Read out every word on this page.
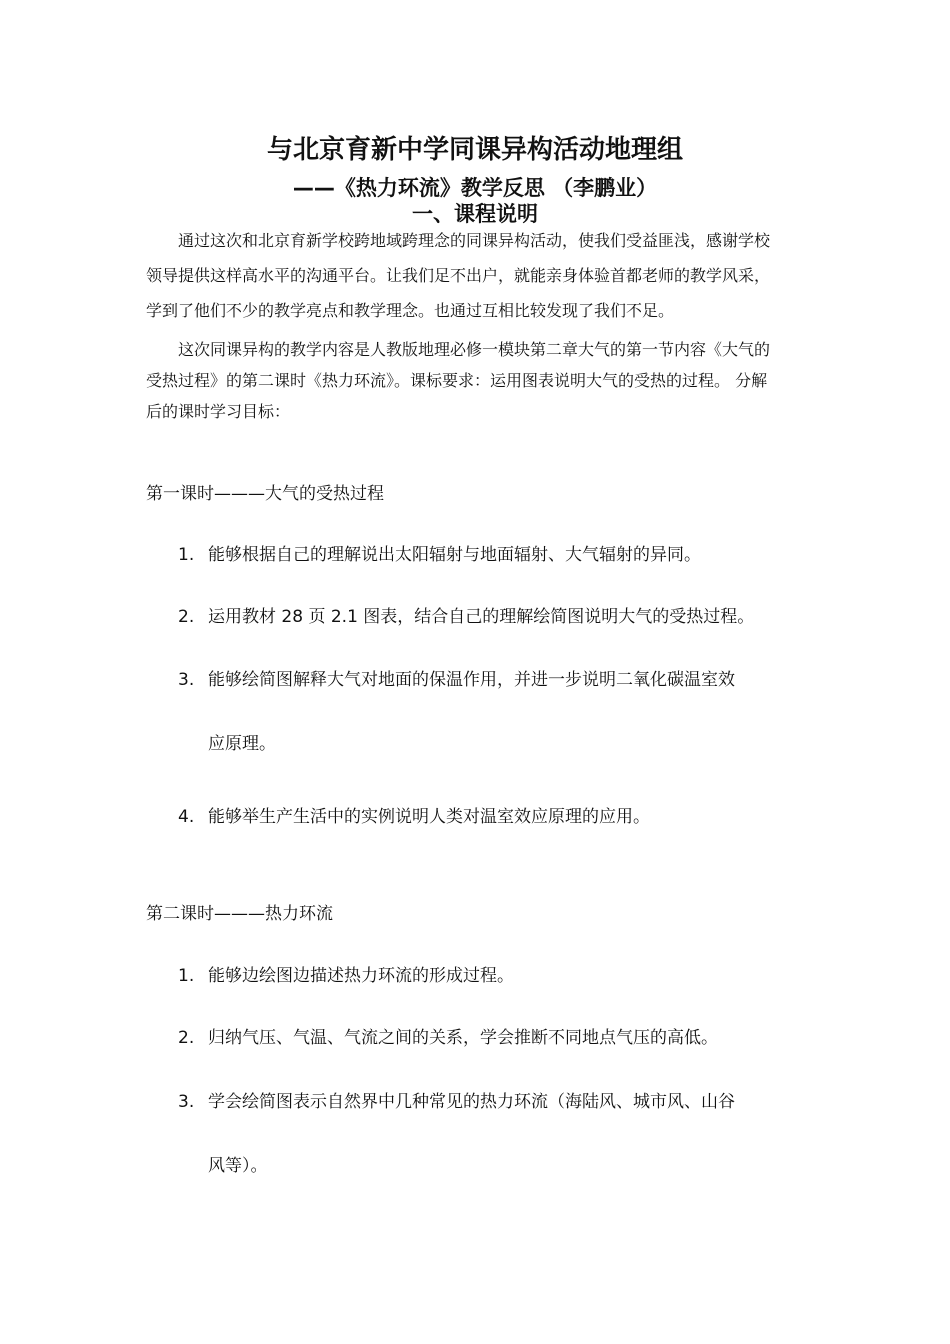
与北京育新中学同课异构活动地理组
——《热力环流》教学反思 （李鹏业）
一、课程说明
通过这次和北京育新学校跨地域跨理念的同课异构活动，使我们受益匪浅，感谢学校
领导提供这样高水平的沟通平台。让我们足不出户，就能亲身体验首都老师的教学风采，
学到了他们不少的教学亮点和教学理念。也通过互相比较发现了我们不足。
这次同课异构的教学内容是人教版地理必修一模块第二章大气的第一节内容《大气的
受热过程》的第二课时《热力环流》。课标要求：运用图表说明大气的受热的过程。 分解
后的课时学习目标：
第一课时———大气的受热过程
1. 能够根据自己的理解说出太阳辐射与地面辐射、大气辐射的异同。
2. 运用教材 28 页 2.1 图表，结合自己的理解绘简图说明大气的受热过程。
3. 能够绘简图解释大气对地面的保温作用，并进一步说明二氧化碳温室效
应原理。
4. 能够举生产生活中的实例说明人类对温室效应原理的应用。
第二课时———热力环流
1. 能够边绘图边描述热力环流的形成过程。
2. 归纳气压、气温、气流之间的关系，学会推断不同地点气压的高低。
3. 学会绘简图表示自然界中几种常见的热力环流（海陆风、城市风、山谷
风等）。
